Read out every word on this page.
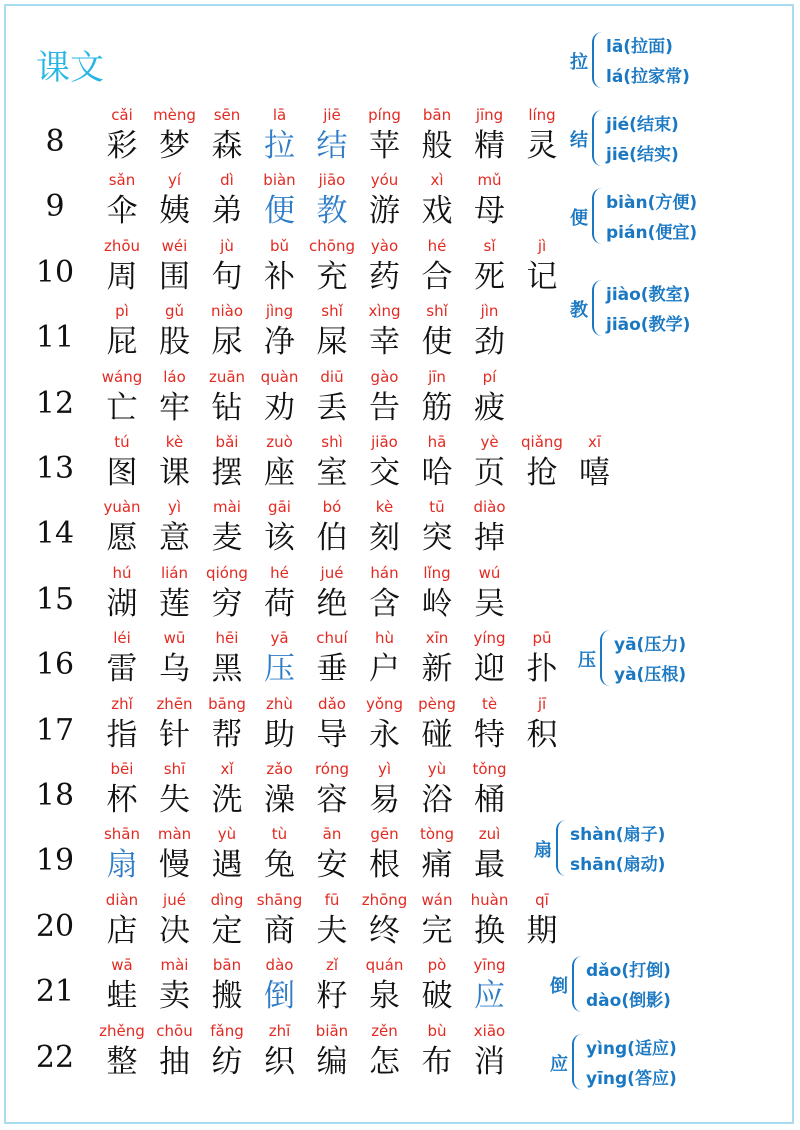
课文
8
cǎi
彩
mèng
梦
sēn
森
lā
拉
jiē
结
píng
苹
bān
般
jīng
精
líng
灵
9
sǎn
伞
yí
姨
dì
弟
biàn
便
jiāo
教
yóu
游
xì
戏
mǔ
母
10
zhōu
周
wéi
围
jù
句
bǔ
补
chōng
充
yào
药
hé
合
sǐ
死
jì
记
11
pì
屁
gǔ
股
niào
尿
jìng
净
shǐ
屎
xìng
幸
shǐ
使
jìn
劲
12
wáng
亡
láo
牢
zuān
钻
quàn
劝
diū
丢
gào
告
jīn
筋
pí
疲
13
tú
图
kè
课
bǎi
摆
zuò
座
shì
室
jiāo
交
hā
哈
yè
页
qiǎng
抢
xī
嘻
14
yuàn
愿
yì
意
mài
麦
gāi
该
bó
伯
kè
刻
tū
突
diào
掉
15
hú
湖
lián
莲
qióng
穷
hé
荷
jué
绝
hán
含
lǐng
岭
wú
吴
16
léi
雷
wū
乌
hēi
黑
yā
压
chuí
垂
hù
户
xīn
新
yíng
迎
pū
扑
17
zhǐ
指
zhēn
针
bāng
帮
zhù
助
dǎo
导
yǒng
永
pèng
碰
tè
特
jī
积
18
bēi
杯
shī
失
xǐ
洗
zǎo
澡
róng
容
yì
易
yù
浴
tǒng
桶
19
shān
扇
màn
慢
yù
遇
tù
兔
ān
安
gēn
根
tòng
痛
zuì
最
20
diàn
店
jué
决
dìng
定
shāng
商
fū
夫
zhōng
终
wán
完
huàn
换
qī
期
21
wā
蛙
mài
卖
bān
搬
dào
倒
zǐ
籽
quán
泉
pò
破
yīng
应
22
zhěng
整
chōu
抽
fǎng
纺
zhī
织
biān
编
zěn
怎
bù
布
xiāo
消
拉
lā(拉面)
lá(拉家常)
结
jié(结束)
jiē(结实)
便
biàn(方便)
pián(便宜)
教
jiào(教室)
jiāo(教学)
压
yā(压力)
yà(压根)
扇
shàn(扇子)
shān(扇动)
倒
dǎo(打倒)
dào(倒影)
应
yìng(适应)
yīng(答应)
